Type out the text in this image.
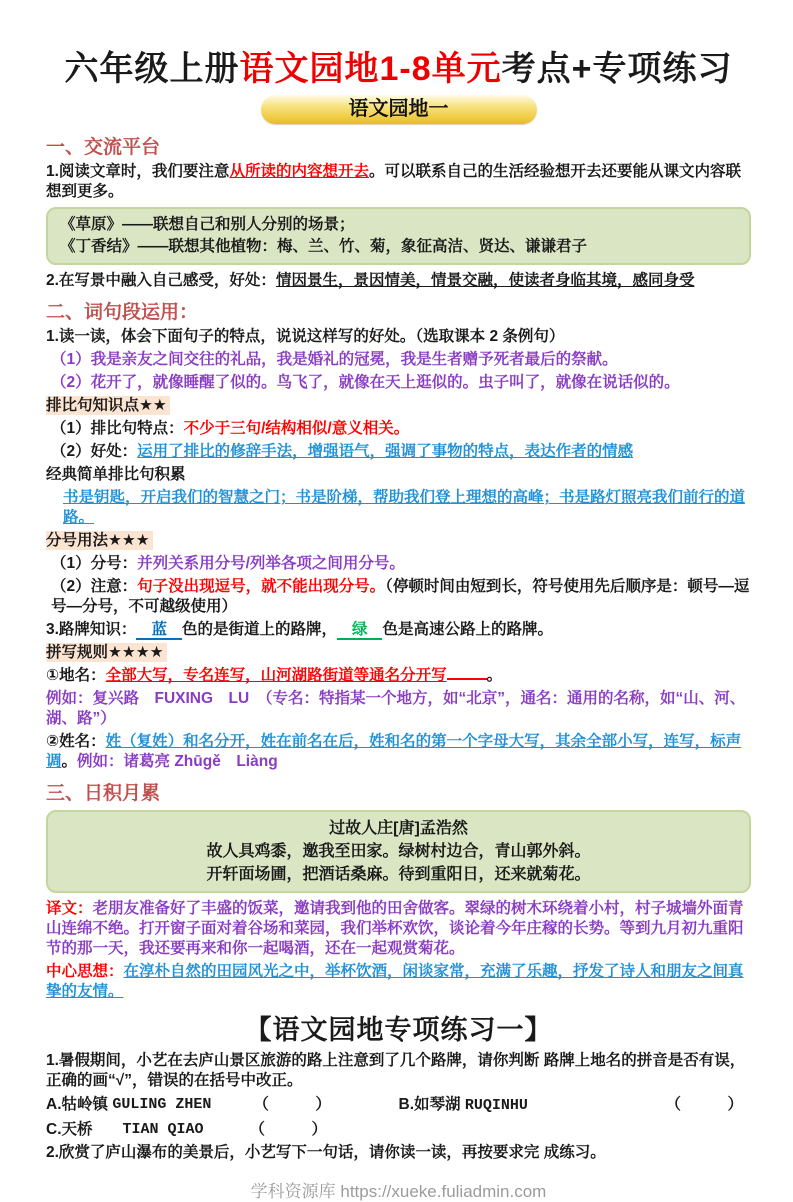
六年级上册语文园地1-8单元考点+专项练习
语文园地一
一、交流平台

1.阅读文章时，我们要注意从所读的内容想开去。可以联系自己的生活经验想开去还要能从课文内容联想到更多。

《草原》——联想自己和别人分别的场景；

《丁香结》——联想其他植物：梅、兰、竹、菊，象征高洁、贤达、谦谦君子

2.在写景中融入自己感受，好处：情因景生，景因情美，情景交融，使读者身临其境，感同身受

二、词句段运用：

1.读一读，体会下面句子的特点，说说这样写的好处。（选取课本 2 条例句）

（1）我是亲友之间交往的礼品，我是婚礼的冠冕，我是生者赠予死者最后的祭献。

（2）花开了，就像睡醒了似的。鸟飞了，就像在天上逛似的。虫子叫了，就像在说话似的。

排比句知识点★★

（1）排比句特点：不少于三句/结构相似/意义相关。

（2）好处：运用了排比的修辞手法，增强语气，强调了事物的特点，表达作者的情感

经典简单排比句积累

书是钥匙，开启我们的智慧之门；书是阶梯，帮助我们登上理想的高峰；书是路灯照亮我们前行的道路。

分号用法★★★

（1）分号：并列关系用分号/列举各项之间用分号。

（2）注意：句子没出现逗号，就不能出现分号。（停顿时间由短到长，符号使用先后顺序是：顿号—逗号—分号，不可越级使用）

3.路牌知识： 蓝 色的是街道上的路牌， 绿 色是高速公路上的路牌。

拼写规则★★★★

①地名：全部大写，专名连写，山河湖路街道等通名分开写	。

例如：复兴路　FUXING　LU　（专名：特指某一个地方，如“北京”，通名：通用的名称，如“山、河、湖、路”）

②姓名：姓（复姓）和名分开，姓在前名在后，姓和名的第一个字母大写，其余全部小写，连写，标声调。例如：诸葛亮 Zhūgě　Liàng

三、日积月累

过故人庄[唐]孟浩然

故人具鸡黍，邀我至田家。绿树村边合，青山郭外斜。

开轩面场圃，把酒话桑麻。待到重阳日，还来就菊花。

译文：老朋友准备好了丰盛的饭菜，邀请我到他的田舍做客。翠绿的树木环绕着小村，村子城墙外面青山连绵不绝。打开窗子面对着谷场和菜园，我们举杯欢饮，谈论着今年庄稼的长势。等到九月初九重阳节的那一天，我还要再来和你一起喝酒，还在一起观赏菊花。

中心思想：在淳朴自然的田园风光之中，举杯饮酒，闲谈家常，充满了乐趣，抒发了诗人和朋友之间真挚的友情。

【语文园地专项练习一】

1.暑假期间，小艺在去庐山景区旅游的路上注意到了几个路牌，请你判断 路牌上地名的拼音是否有误，正确的画“√”，错误的在括号中改正。

A.牯岭镇
GULING ZHEN	（　　　）	B.如琴湖 RUQINHU	（　　　）
C.天桥 TIAN QIAO	（　　　）

2.欣赏了庐山瀑布的美景后，小艺写下一句话，请你读一读，再按要求完 成练习。

学科资源库 https://xueke.fuliadmin.com
